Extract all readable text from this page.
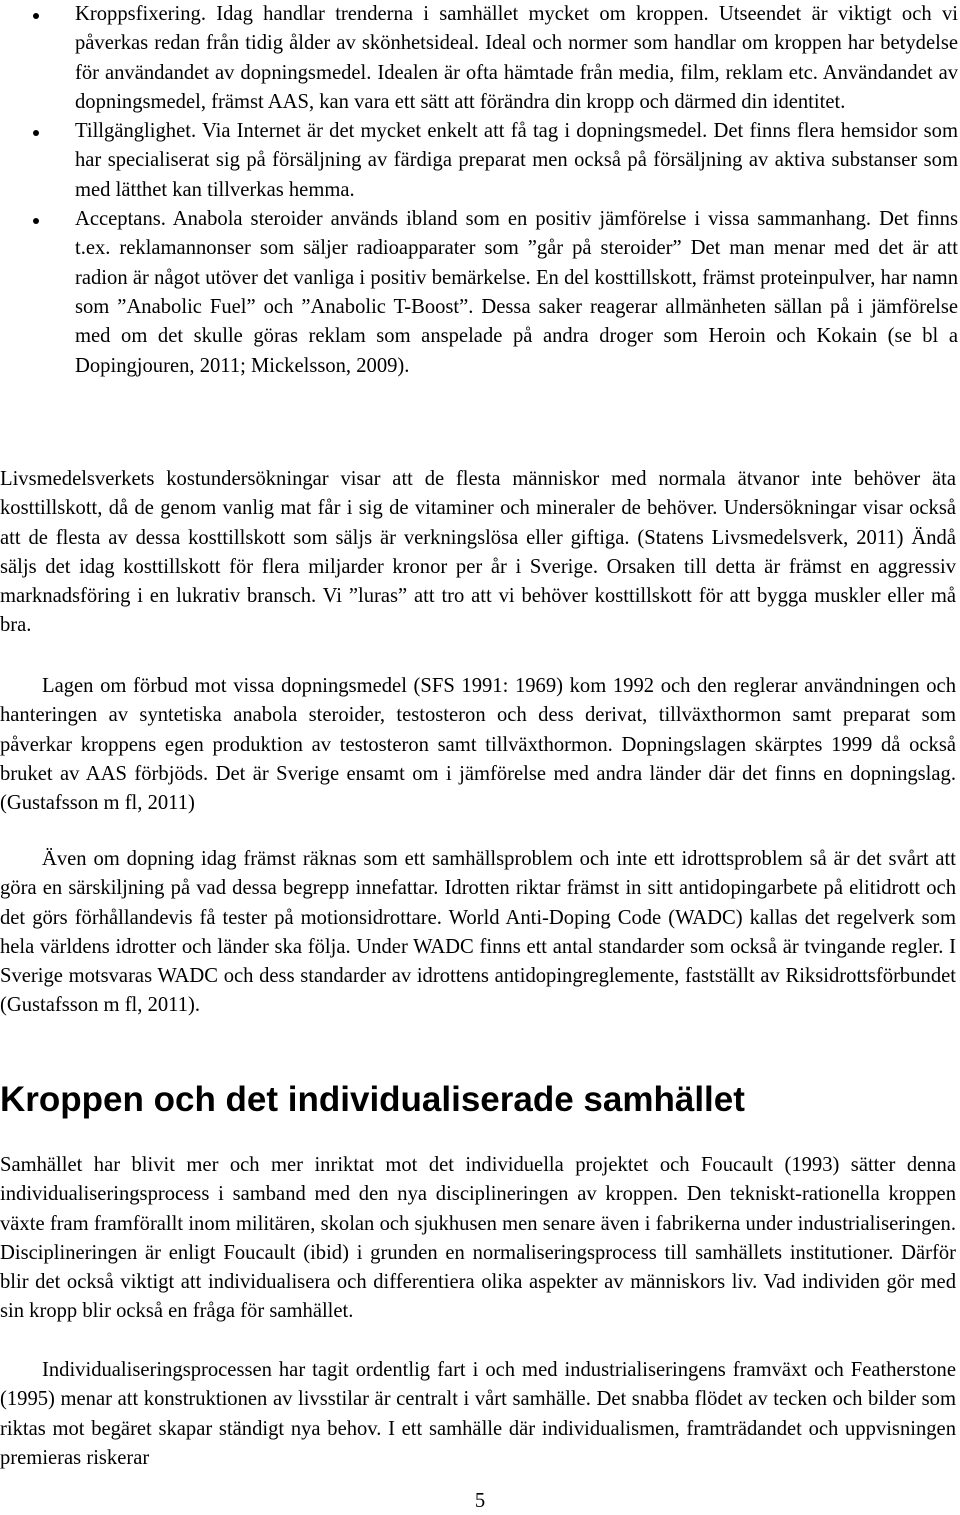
Kroppsfixering. Idag handlar trenderna i samhället mycket om kroppen. Utseendet är viktigt och vi påverkas redan från tidig ålder av skönhetsideal. Ideal och normer som handlar om kroppen har betydelse för användandet av dopningsmedel. Idealen är ofta hämtade från media, film, reklam etc. Användandet av dopningsmedel, främst AAS, kan vara ett sätt att förändra din kropp och därmed din identitet.

Tillgänglighet. Via Internet är det mycket enkelt att få tag i dopningsmedel. Det finns flera hemsidor som har specialiserat sig på försäljning av färdiga preparat men också på försäljning av aktiva substanser som med lätthet kan tillverkas hemma.

Acceptans. Anabola steroider används ibland som en positiv jämförelse i vissa sammanhang. Det finns t.ex. reklamannonser som säljer radioapparater som ”går på steroider” Det man menar med det är att radion är något utöver det vanliga i positiv bemärkelse. En del kosttillskott, främst proteinpulver, har namn som ”Anabolic Fuel” och ”Anabolic T-Boost”. Dessa saker reagerar allmänheten sällan på i jämförelse med om det skulle göras reklam som anspelade på andra droger som Heroin och Kokain (se bl a Dopingjouren, 2011; Mickelsson, 2009).

Livsmedelsverkets kostundersökningar visar att de flesta människor med normala ätvanor inte behöver äta kosttillskott, då de genom vanlig mat får i sig de vitaminer och mineraler de behöver. Undersökningar visar också att de flesta av dessa kosttillskott som säljs är verkningslösa eller giftiga. (Statens Livsmedelsverk, 2011) Ändå säljs det idag kosttillskott för flera miljarder kronor per år i Sverige. Orsaken till detta är främst en aggressiv marknadsföring i en lukrativ bransch. Vi ”luras” att tro att vi behöver kosttillskott för att bygga muskler eller må bra.

Lagen om förbud mot vissa dopningsmedel (SFS 1991: 1969) kom 1992 och den reglerar användningen och hanteringen av syntetiska anabola steroider, testosteron och dess derivat, tillväxthormon samt preparat som påverkar kroppens egen produktion av testosteron samt tillväxthormon. Dopningslagen skärptes 1999 då också bruket av AAS förbjöds. Det är Sverige ensamt om i jämförelse med andra länder där det finns en dopningslag. (Gustafsson m fl, 2011)

Även om dopning idag främst räknas som ett samhällsproblem och inte ett idrottsproblem så är det svårt att göra en särskiljning på vad dessa begrepp innefattar. Idrotten riktar främst in sitt antidopingarbete på elitidrott och det görs förhållandevis få tester på motionsidrottare. World Anti-Doping Code (WADC) kallas det regelverk som hela världens idrotter och länder ska följa. Under WADC finns ett antal standarder som också är tvingande regler. I Sverige motsvaras WADC och dess standarder av idrottens antidopingreglemente, fastställt av Riksidrottsförbundet (Gustafsson m fl, 2011).

Kroppen och det individualiserade samhället

Samhället har blivit mer och mer inriktat mot det individuella projektet och Foucault (1993) sätter denna individualiseringsprocess i samband med den nya disciplineringen av kroppen. Den tekniskt-rationella kroppen växte fram framförallt inom militären, skolan och sjukhusen men senare även i fabrikerna under industrialiseringen. Disciplineringen är enligt Foucault (ibid) i grunden en normaliseringsprocess till samhällets institutioner. Därför blir det också viktigt att individualisera och differentiera olika aspekter av människors liv. Vad individen gör med sin kropp blir också en fråga för samhället.

Individualiseringsprocessen har tagit ordentlig fart i och med industrialiseringens framväxt och Featherstone (1995) menar att konstruktionen av livsstilar är centralt i vårt samhälle. Det snabba flödet av tecken och bilder som riktas mot begäret skapar ständigt nya behov. I ett samhälle där individualismen, framträdandet och uppvisningen premieras riskerar

5
